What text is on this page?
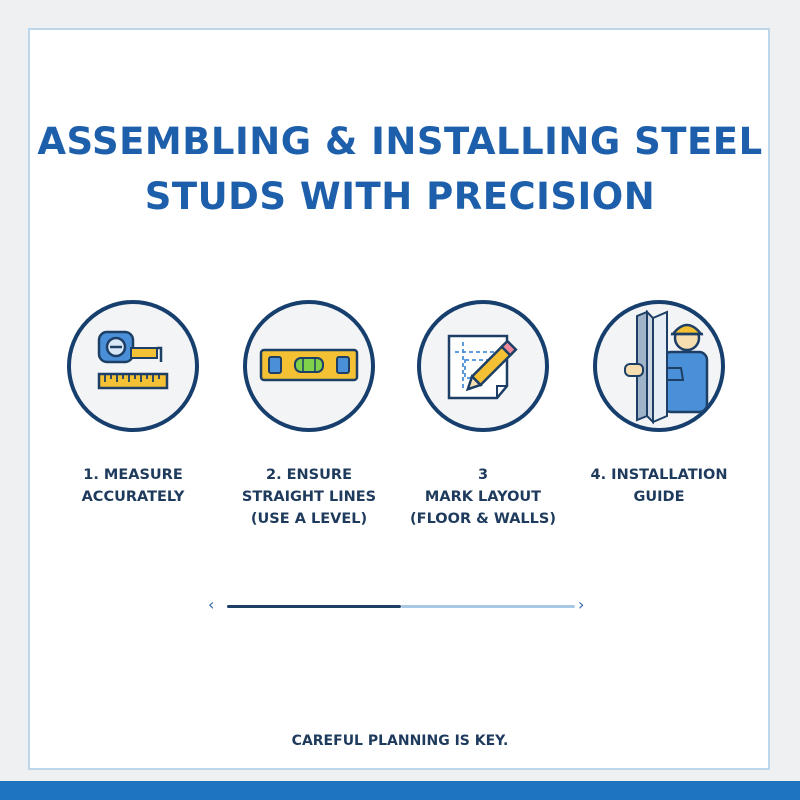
ASSEMBLING & INSTALLING STEEL
STUDS WITH PRECISION
1. MEASURE
ACCURATELY
2. ENSURE
STRAIGHT LINES
(USE A LEVEL)
3
MARK LAYOUT
(FLOOR & WALLS)
4. INSTALLATION
GUIDE
‹	›
CAREFUL PLANNING IS KEY.
